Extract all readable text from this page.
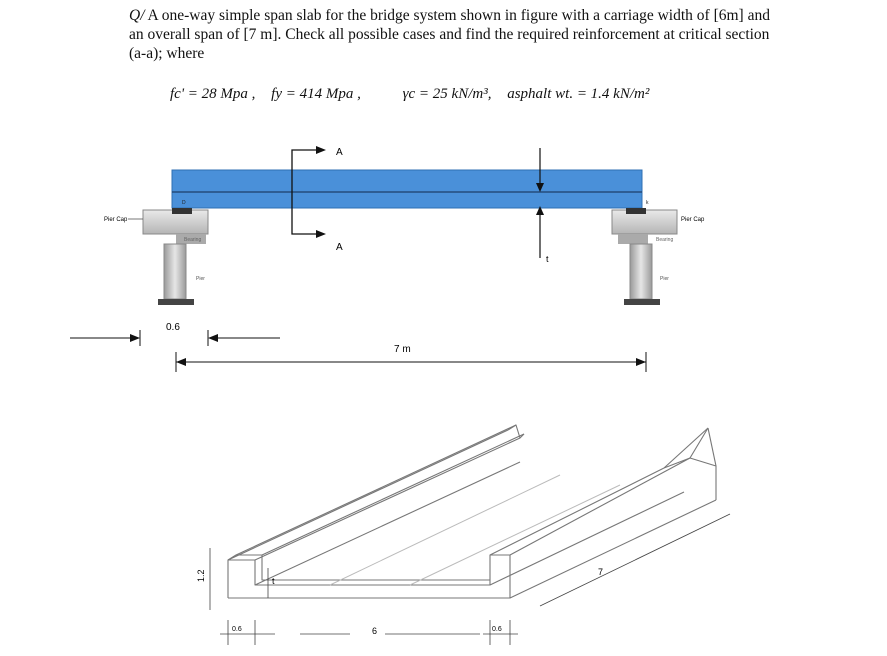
Q/ A one-way simple span slab for the bridge system shown in figure with a carriage width of [6m] and an overall span of [7 m]. Check all possible cases and find the required reinforcement at critical section (a-a); where
fc' = 28 Mpa , fy = 414 Mpa ,	γc = 25 kN/m³, asphalt wt. = 1.4 kN/m²
Pier Cap
Bearing
Pier
D
Pier Cap
Bearing
Pier
k
A
A
t
0.6
7 m
1.2	t
0.6	6	0.6
7
